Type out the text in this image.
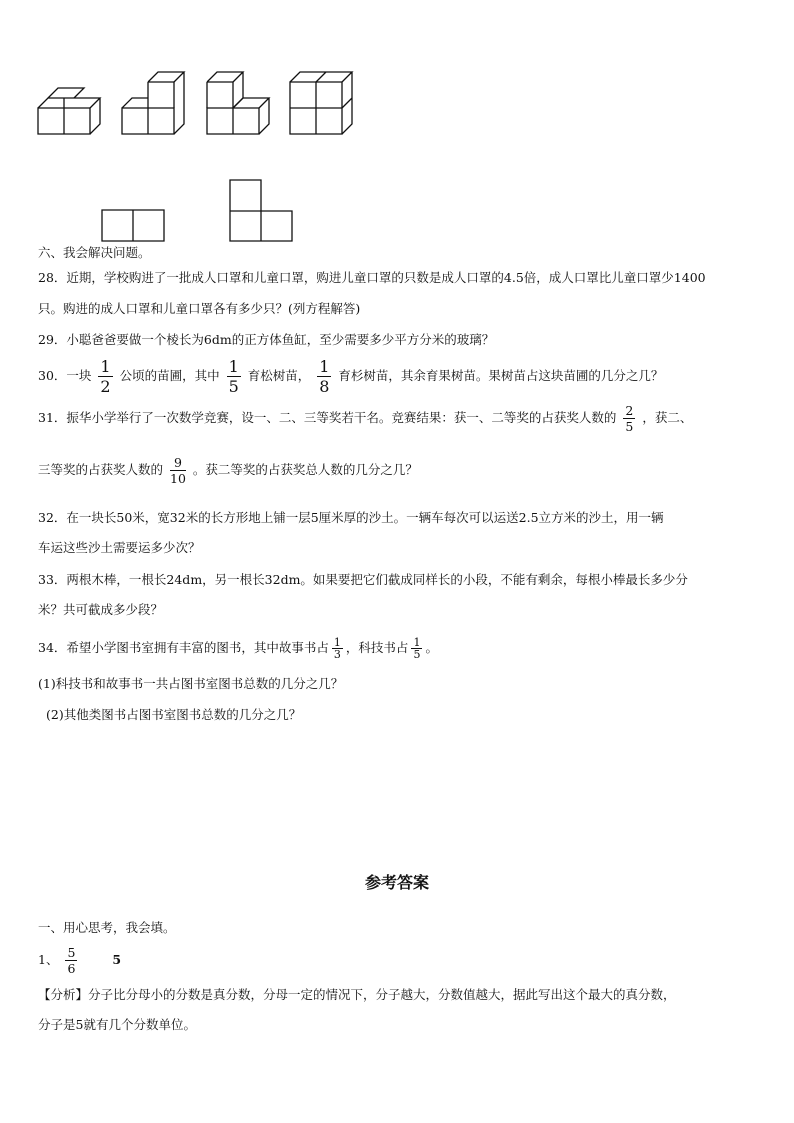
六、我会解决问题。
28．近期，学校购进了一批成人口罩和儿童口罩，购进儿童口罩的只数是成人口罩的4.5倍，成人口罩比儿童口罩少1400
只。购进的成人口罩和儿童口罩各有多少只？(列方程解答)
29．小聪爸爸要做一个棱长为6dm的正方体鱼缸，至少需要多少平方分米的玻璃？
30．一块 $\frac{1}{2}$ 公顷的苗圃，其中 $\frac{1}{5}$ 育松树苗， $\frac{1}{8}$ 育杉树苗，其余育果树苗。果树苗占这块苗圃的几分之几？
31．振华小学举行了一次数学竞赛，设一、二、三等奖若干名。竞赛结果：获一、二等奖的占获奖人数的 $\frac{2}{5}$ ，获二、
三等奖的占获奖人数的 $\frac{9}{10}$ 。获二等奖的占获奖总人数的几分之几？
32．在一块长50米，宽32米的长方形地上铺一层5厘米厚的沙土。一辆车每次可以运送2.5立方米的沙土，用一辆
车运这些沙土需要运多少次？
33．两根木棒，一根长24dm，另一根长32dm。如果要把它们截成同样长的小段，不能有剩余，每根小棒最长多少分
米？共可截成多少段？
34．希望小学图书室拥有丰富的图书，其中故事书占 $\frac{1}{3}$ ，科技书占 $\frac{1}{5}$ 。
(1)科技书和故事书一共占图书室图书总数的几分之几？
(2)其他类图书占图书室图书总数的几分之几？
参考答案
一、用心思考，我会填。
1、 $\frac{5}{6}$	5
【分析】分子比分母小的分数是真分数，分母一定的情况下，分子越大，分数值越大，据此写出这个最大的真分数，
分子是5就有几个分数单位。
